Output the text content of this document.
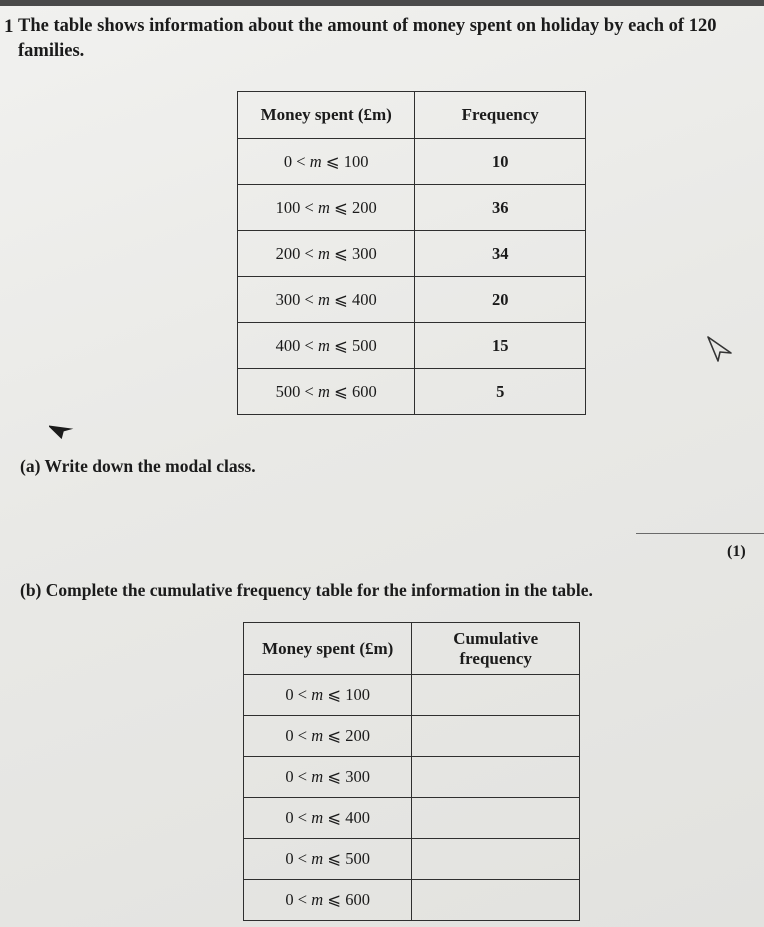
1 The table shows information about the amount of money spent on holiday by each of 120 families.
Money spent (£m)	Frequency
0 < m ⩽ 100	10
100 < m ⩽ 200	36
200 < m ⩽ 300	34
300 < m ⩽ 400	20
400 < m ⩽ 500	15
500 < m ⩽ 600	5
(a) Write down the modal class.
(1)
(b) Complete the cumulative frequency table for the information in the table.
Money spent (£m)	Cumulative
frequency

0 < m ⩽ 100	
0 < m ⩽ 200	
0 < m ⩽ 300	
0 < m ⩽ 400	
0 < m ⩽ 500	
0 < m ⩽ 600	
